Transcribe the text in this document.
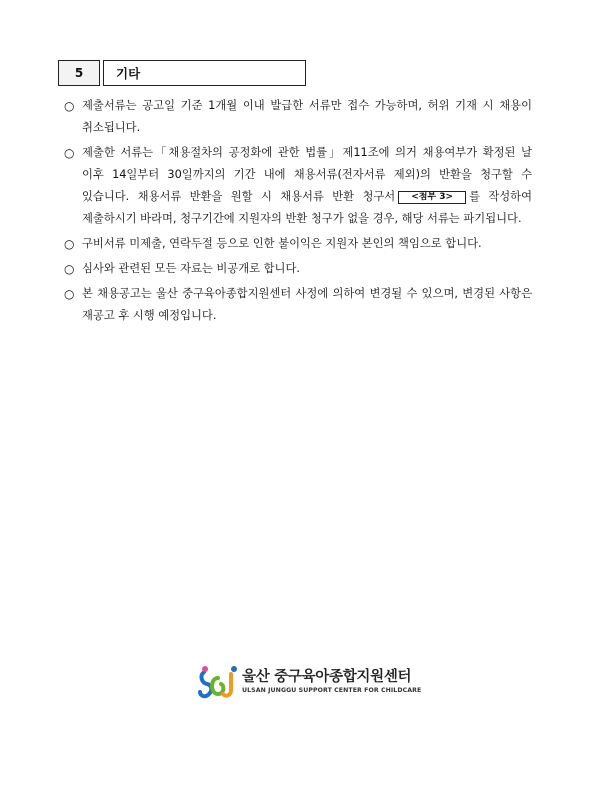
5	기타
○ 제출서류는 공고일 기준 1개월 이내 발급한 서류만 접수 가능하며, 허위 기재 시 채용이 취소됩니다.
○ 제출한 서류는「채용절차의 공정화에 관한 법률」제11조에 의거 채용여부가 확정된 날 이후 14일부터 30일까지의 기간 내에 채용서류(전자서류 제외)의 반환을 청구할 수 있습니다. 채용서류 반환을 원할 시 채용서류 반환 청구서 <첨부 3> 를 작성하여 제출하시기 바라며, 청구기간에 지원자의 반환 청구가 없을 경우, 해당 서류는 파기됩니다.
○ 구비서류 미제출, 연락두절 등으로 인한 불이익은 지원자 본인의 책임으로 합니다.
○ 심사와 관련된 모든 자료는 비공개로 합니다.
○ 본 채용공고는 울산 중구육아종합지원센터 사정에 의하여 변경될 수 있으며, 변경된 사항은 재공고 후 시행 예정입니다.
울산 중구육아종합지원센터
ULSAN JUNGGU SUPPORT CENTER FOR CHILDCARE
